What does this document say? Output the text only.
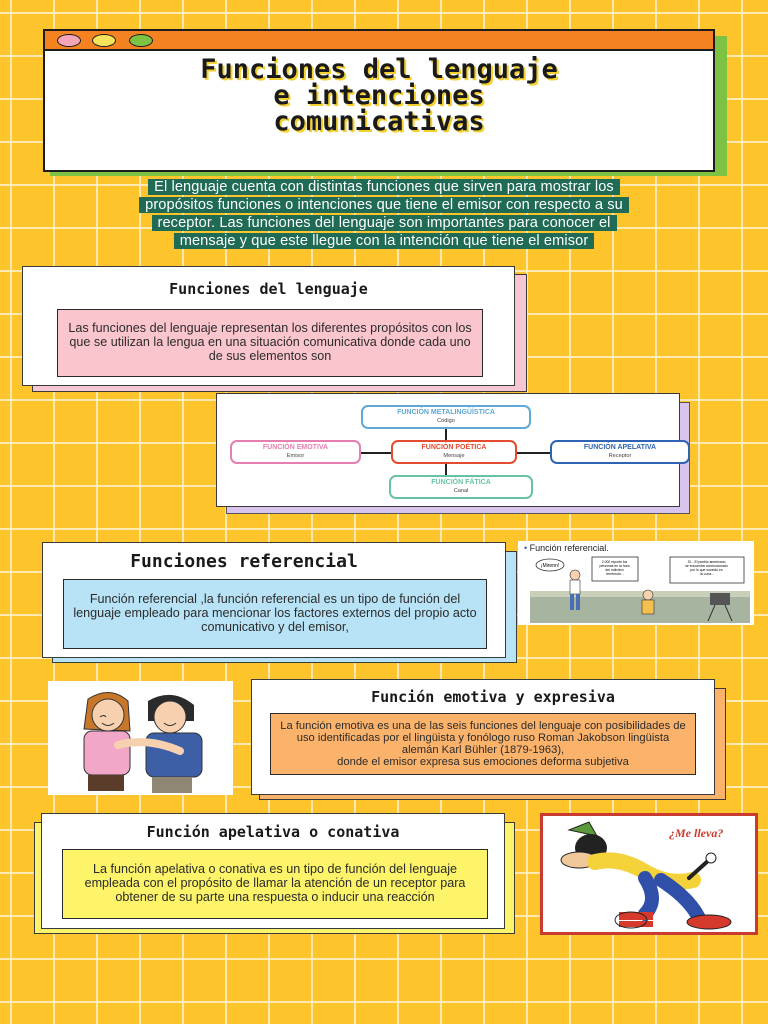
Funciones del lenguaje
e intenciones
comunicativas
El lenguaje cuenta con distintas funciones que sirven para mostrar los
propósitos funciones o intenciones que tiene el emisor con respecto a su
receptor. Las funciones del lenguaje son importantes para conocer el
mensaje y que este llegue con la intención que tiene el emisor
Funciones del lenguaje
Las funciones del lenguaje representan los diferentes propósitos con los que se utilizan la lengua en una situación comunicativa donde cada uno de sus elementos son
FUNCIÓN METALINGÜÍSTICA
Código
FUNCIÓN EMOTIVA
Emisor
FUNCIÓN POÉTICA
Mensaje
FUNCIÓN APELATIVA
Receptor
FUNCIÓN FÁTICA
Canal
Funciones referencial
Función referencial ,la función referencial es un tipo de función del lenguaje empleado para mencionar los factores externos del propio acto comunicativo y del emisor,
• Función referencial.
¡Mirenn!
2.000 reporte los personas en la hora del noticiero terremoto...
SI... El pueblo americano se encuentra conmocionado por lo que sucedió en la Luna...
Función emotiva y expresiva
La función emotiva es una de las seis funciones del lenguaje con posibilidades de uso identificadas por el lingüista y fonólogo ruso Roman Jakobson lingüista alemán Karl Bühler (1879-1963),
donde el emisor expresa sus emociones deforma subjetiva
Función apelativa o conativa
La función apelativa o conativa es un tipo de función del lenguaje empleada con el propósito de llamar la atención de un receptor para obtener de su parte una respuesta o inducir una reacción
¿Me lleva?
